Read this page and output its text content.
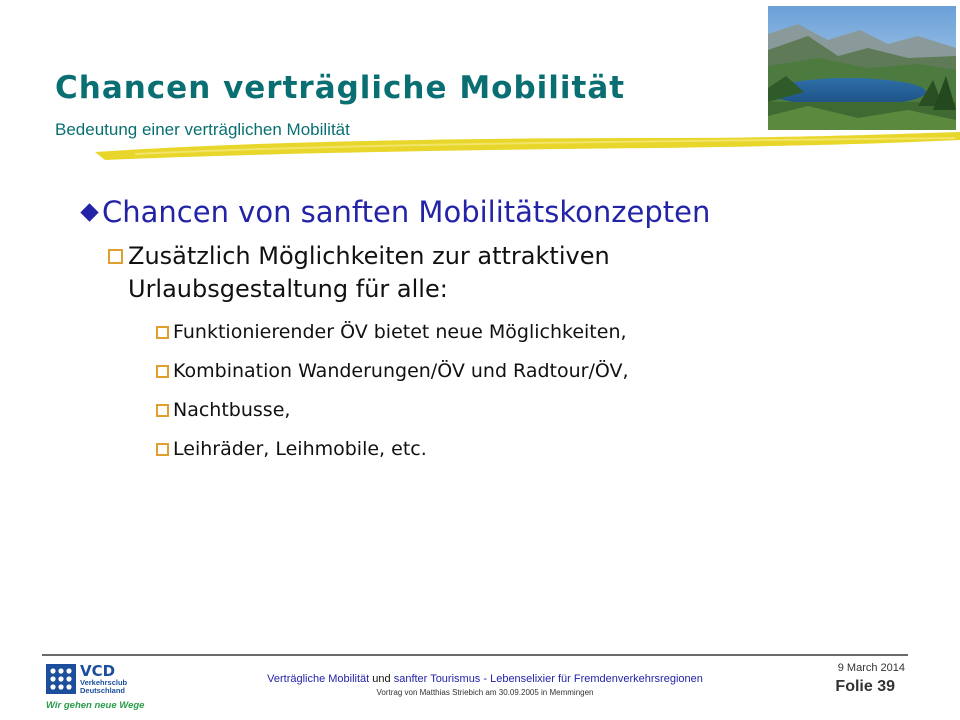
Chancen verträgliche Mobilität
Bedeutung einer verträglichen Mobilität
Chancen von sanften Mobilitätskonzepten
Zusätzlich Möglichkeiten zur attraktiven Urlaubsgestaltung für alle:
Funktionierender ÖV bietet neue Möglichkeiten,
Kombination Wanderungen/ÖV und Radtour/ÖV,
Nachtbusse,
Leihräder, Leihmobile, etc.
VCD
Verkehrsclub
Deutschland
Wir gehen neue Wege
Verträgliche Mobilität und sanfter Tourismus - Lebenselixier für Fremdenverkehrsregionen
Vortrag von Matthias Striebich am 30.09.2005 in Memmingen
9 March 2014
Folie 39
